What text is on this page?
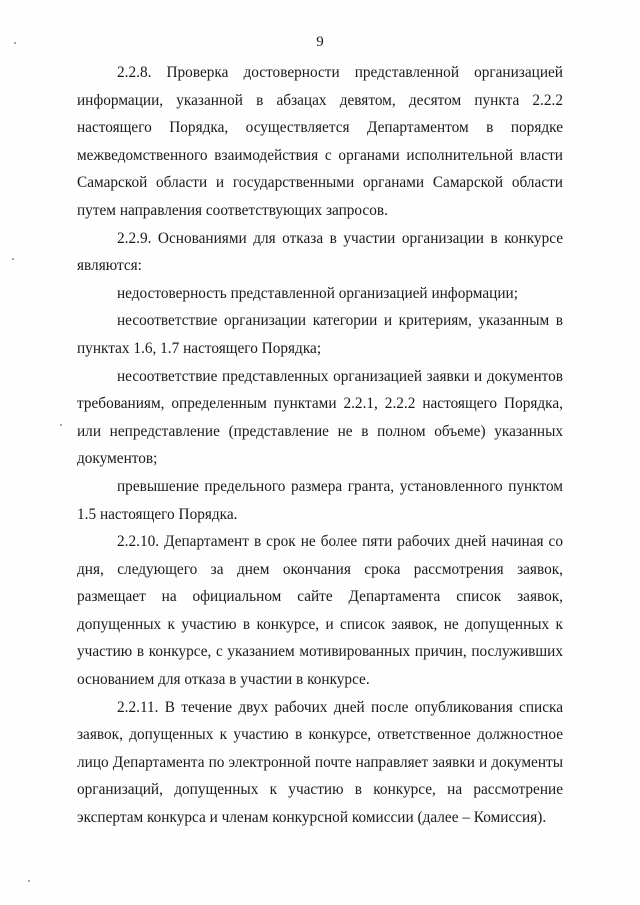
9

2.2.8. Проверка достоверности представленной организацией информации, указанной в абзацах девятом, десятом пункта 2.2.2 настоящего Порядка, осуществляется Департаментом в порядке межведомственного взаимодействия с органами исполнительной власти Самарской области и государственными органами Самарской области путем направления соответствующих запросов.

2.2.9. Основаниями для отказа в участии организации в конкурсе являются:

недостоверность представленной организацией информации;

несоответствие организации категории и критериям, указанным в пунктах 1.6, 1.7 настоящего Порядка;

несоответствие представленных организацией заявки и документов требованиям, определенным пунктами 2.2.1, 2.2.2 настоящего Порядка, или непредставление (представление не в полном объеме) указанных документов;

превышение предельного размера гранта, установленного пунктом 1.5 настоящего Порядка.

2.2.10. Департамент в срок не более пяти рабочих дней начиная со дня, следующего за днем окончания срока рассмотрения заявок, размещает на официальном сайте Департамента список заявок, допущенных к участию в конкурсе, и список заявок, не допущенных к участию в конкурсе, с указанием мотивированных причин, послуживших основанием для отказа в участии в конкурсе.

2.2.11. В течение двух рабочих дней после опубликования списка заявок, допущенных к участию в конкурсе, ответственное должностное лицо Департамента по электронной почте направляет заявки и документы организаций, допущенных к участию в конкурсе, на рассмотрение экспертам конкурса и членам конкурсной комиссии (далее – Комиссия).
